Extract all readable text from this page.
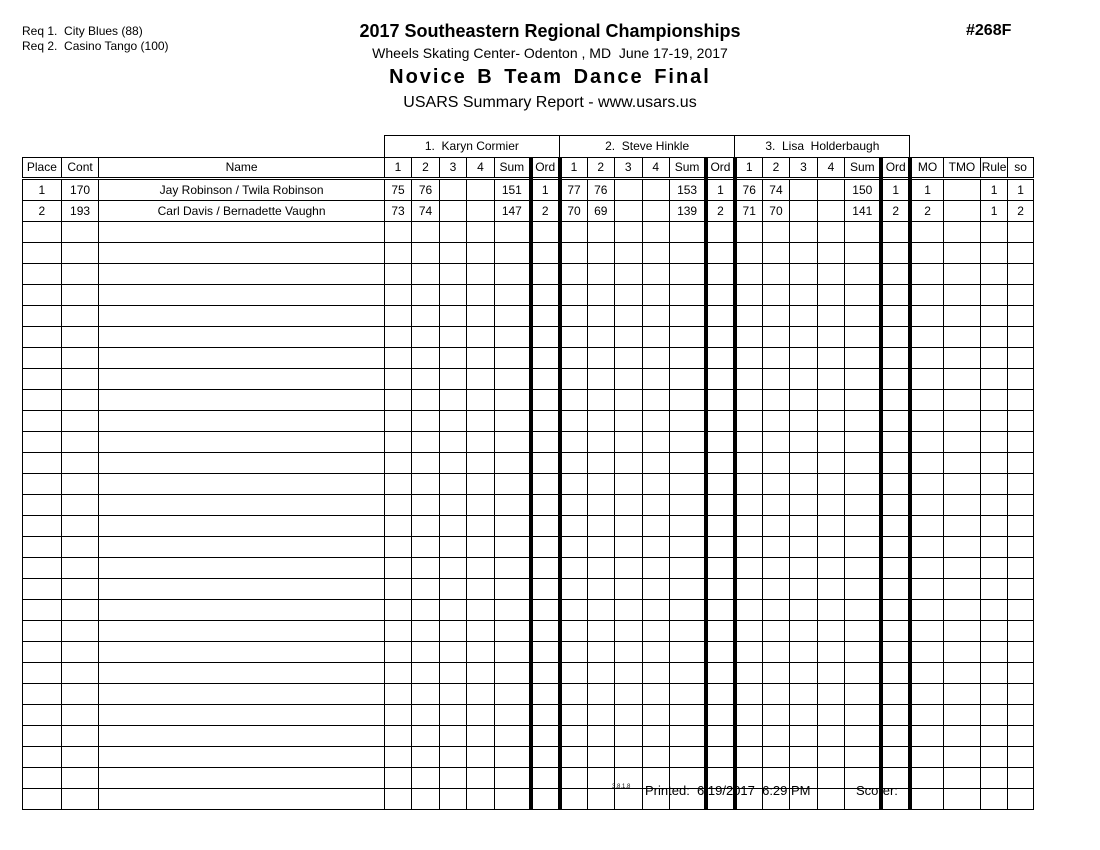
Req 1.  City Blues (88)
Req 2.  Casino Tango (100)
2017 Southeastern Regional Championships
Wheels Skating Center- Odenton , MD  June 17-19, 2017
Novice B Team Dance Final
USARS Summary Report - www.usars.us
#268F
			1.  Karyn Cormier						2.  Steve Hinkle						3.  Lisa  Holderbaugh									
Place	Cont	Name	1	2	3	4	Sum	Ord	1	2	3	4	Sum	Ord	1	2	3	4	Sum	Ord	MO	TMO	Rule	so
1	170	Jay Robinson / Twila Robinson	75	76			151	1	77	76			153	1	76	74			150	1	1		1	1
2	193	Carl Davis / Bernadette Vaughn	73	74			147	2	70	69			139	2	71	70			141	2	2		1	2

3.8.1.8 Printed:  6/19/2017  6:29 PM	Scorer:
